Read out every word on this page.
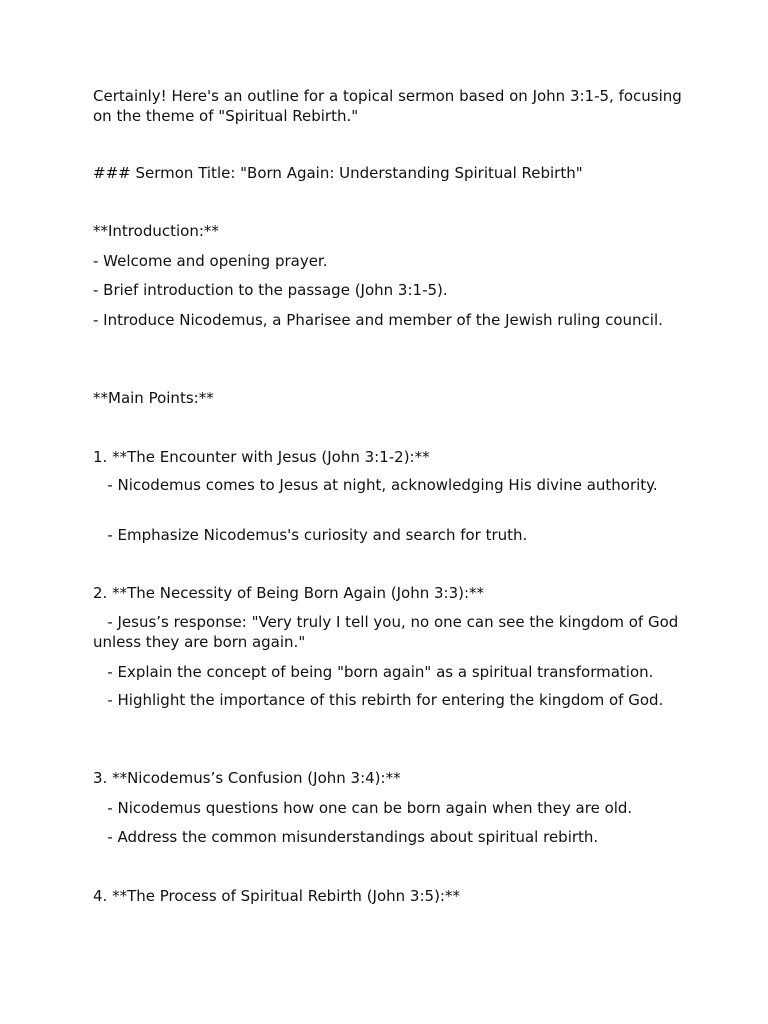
Certainly! Here's an outline for a topical sermon based on John 3:1-5, focusing on the theme of "Spiritual Rebirth."

### Sermon Title: "Born Again: Understanding Spiritual Rebirth"

**Introduction:**

- Welcome and opening prayer.

- Brief introduction to the passage (John 3:1-5).

- Introduce Nicodemus, a Pharisee and member of the Jewish ruling council.

**Main Points:**

1. **The Encounter with Jesus (John 3:1-2):**

- Nicodemus comes to Jesus at night, acknowledging His divine authority.

- Emphasize Nicodemus's curiosity and search for truth.

2. **The Necessity of Being Born Again (John 3:3):**

- Jesus’s response: "Very truly I tell you, no one can see the kingdom of God unless they are born again."

- Explain the concept of being "born again" as a spiritual transformation.

- Highlight the importance of this rebirth for entering the kingdom of God.

3. **Nicodemus’s Confusion (John 3:4):**

- Nicodemus questions how one can be born again when they are old.

- Address the common misunderstandings about spiritual rebirth.

4. **The Process of Spiritual Rebirth (John 3:5):**
